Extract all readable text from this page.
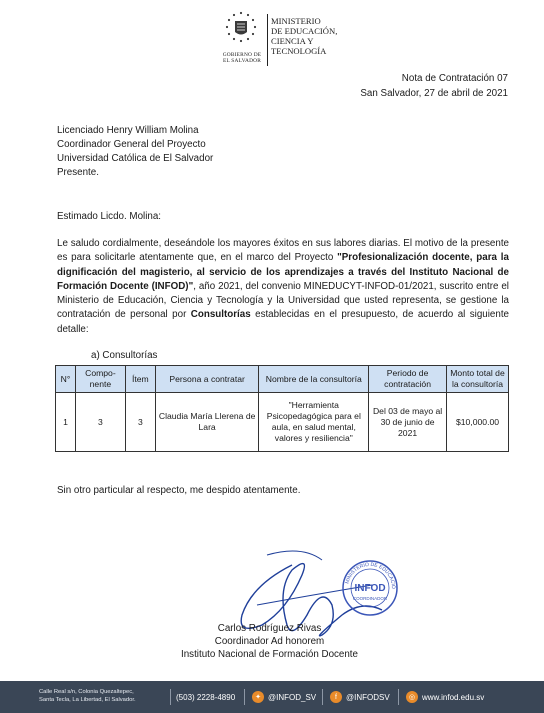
GOBIERNO DE
EL SALVADOR
MINISTERIO
DE EDUCACIÓN,
CIENCIA Y
TECNOLOGÍA
Nota de Contratación 07
San Salvador, 27 de abril de 2021
Licenciado Henry William Molina
Coordinador General del Proyecto
Universidad Católica de El Salvador
Presente.
Estimado Licdo. Molina:
Le saludo cordialmente, deseándole los mayores éxitos en sus labores diarias. El motivo de la presente es para solicitarle atentamente que, en el marco del Proyecto "Profesionalización docente, para la dignificación del magisterio, al servicio de los aprendizajes a través del Instituto Nacional de Formación Docente (INFOD)", año 2021, del convenio MINEDUCYT-INFOD-01/2021, suscrito entre el Ministerio de Educación, Ciencia y Tecnología y la Universidad que usted representa, se gestione la contratación de personal por Consultorías establecidas en el presupuesto, de acuerdo al siguiente detalle:
a) Consultorías
N°	Compo-nente	Ítem	Persona a contratar	Nombre de la consultoría	Periodo de contratación	Monto total de la consultoría
1	3	3	Claudia María Llerena de Lara	"Herramienta Psicopedagógica para el aula, en salud mental, valores y resiliencia"	Del 03 de mayo al 30 de junio de 2021	$10,000.00
Sin otro particular al respecto, me despido atentamente.
MINISTERIO DE EDUCACIÓ
INFOD
COORDINADOR
Carlos Rodríguez Rivas
Coordinador Ad honorem
Instituto Nacional de Formación Docente
Calle Real s/n, Colonia Quezaltepec,
Santa Tecla, La Libertad, El Salvador.	(503) 2228-4890	✦ @INFOD_SV	f	@INFODSV	◎ www.infod.edu.sv
